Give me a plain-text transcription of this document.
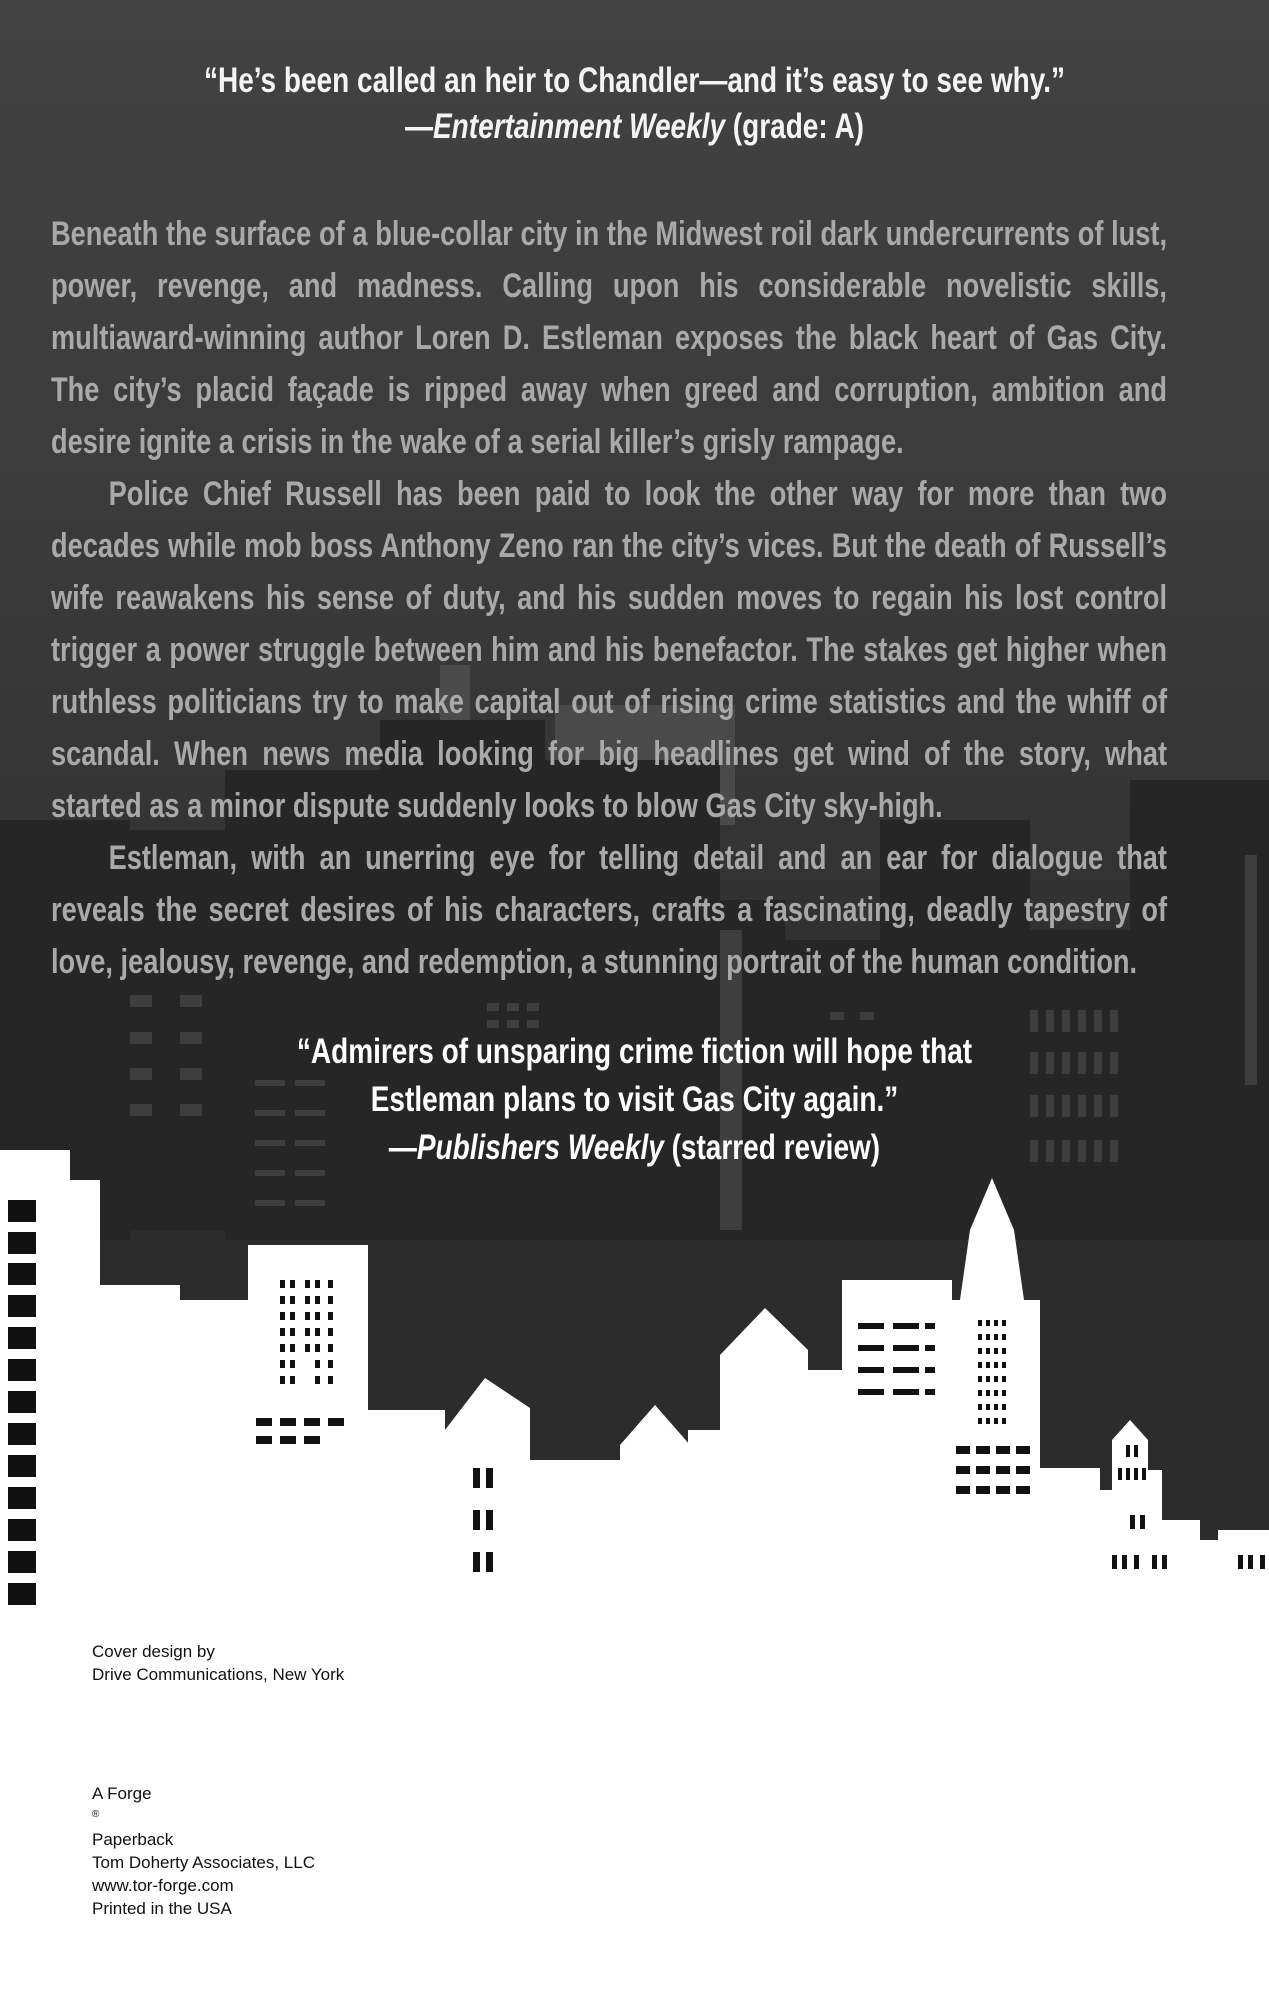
“He’s been called an heir to Chandler—and it’s easy to see why.”
—Entertainment Weekly (grade: A)

Beneath the surface of a blue-collar city in the Midwest roil dark undercurrents of lust, power, revenge, and madness. Calling upon his considerable novelistic skills, multiaward-winning author Loren D. Estleman exposes the black heart of Gas City. The city’s placid façade is ripped away when greed and corruption, ambition and desire ignite a crisis in the wake of a serial killer’s grisly rampage.

Police Chief Russell has been paid to look the other way for more than two decades while mob boss Anthony Zeno ran the city’s vices. But the death of Russell’s wife reawakens his sense of duty, and his sudden moves to regain his lost control trigger a power struggle between him and his benefactor. The stakes get higher when ruthless politicians try to make capital out of rising crime statistics and the whiff of scandal. When news media looking for big headlines get wind of the story, what started as a minor dispute suddenly looks to blow Gas City sky-high.

Estleman, with an unerring eye for telling detail and an ear for dialogue that reveals the secret desires of his characters, crafts a fascinating, deadly tapestry of love, jealousy, revenge, and redemption, a stunning portrait of the human condition.

“Admirers of unsparing crime fiction will hope that
Estleman plans to visit Gas City again.”
—Publishers Weekly (starred review)
Cover design by
Drive Communications, New York
A Forge
®
Paperback
Tom Doherty Associates, LLC
www.tor-forge.com
Printed in the USA
